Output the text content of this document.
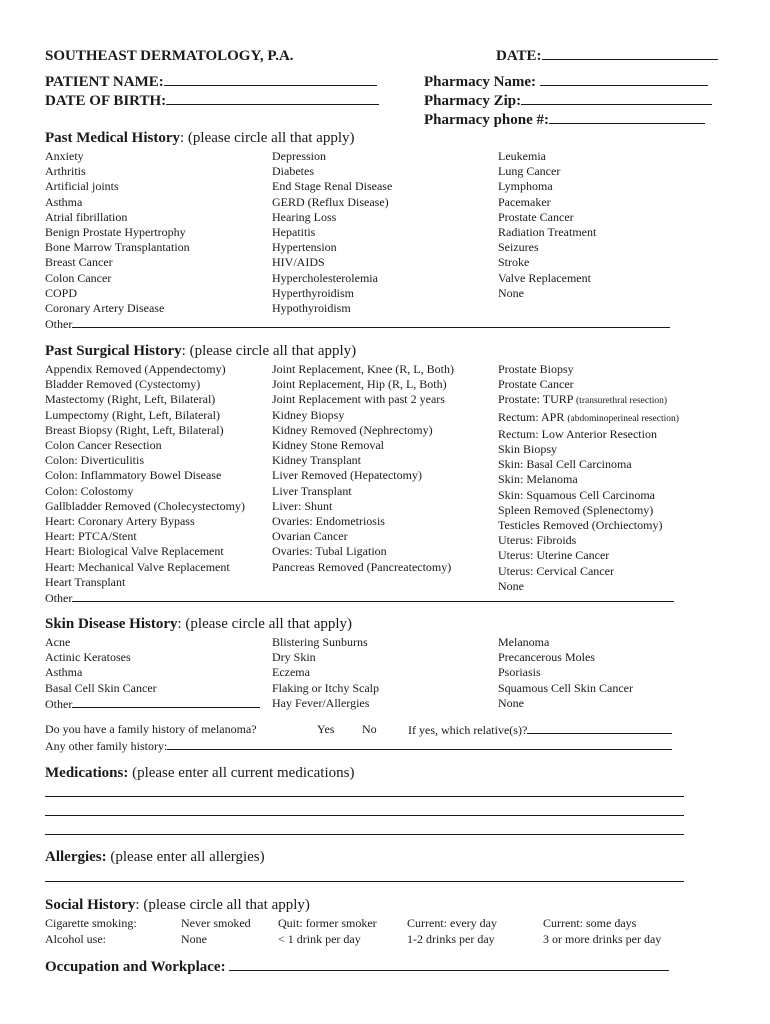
SOUTHEAST DERMATOLOGY, P.A.	DATE:
PATIENT NAME:
DATE OF BIRTH:
Pharmacy Name:
Pharmacy Zip:
Pharmacy phone #:
Past Medical History: (please circle all that apply)
Anxiety
Arthritis
Artificial joints
Asthma
Atrial fibrillation
Benign Prostate Hypertrophy
Bone Marrow Transplantation
Breast Cancer
Colon Cancer
COPD
Coronary Artery Disease
Depression
Diabetes
End Stage Renal Disease
GERD (Reflux Disease)
Hearing Loss
Hepatitis
Hypertension
HIV/AIDS
Hypercholesterolemia
Hyperthyroidism
Hypothyroidism
Leukemia
Lung Cancer
Lymphoma
Pacemaker
Prostate Cancer
Radiation Treatment
Seizures
Stroke
Valve Replacement
None
Other
Past Surgical History: (please circle all that apply)
Appendix Removed (Appendectomy)
Bladder Removed (Cystectomy)
Mastectomy (Right, Left, Bilateral)
Lumpectomy (Right, Left, Bilateral)
Breast Biopsy (Right, Left, Bilateral)
Colon Cancer Resection
Colon: Diverticulitis
Colon: Inflammatory Bowel Disease
Colon: Colostomy
Gallbladder Removed (Cholecystectomy)
Heart: Coronary Artery Bypass
Heart: PTCA/Stent
Heart: Biological Valve Replacement
Heart: Mechanical Valve Replacement
Heart Transplant
Joint Replacement, Knee (R, L, Both)
Joint Replacement, Hip (R, L, Both)
Joint Replacement with past 2 years
Kidney Biopsy
Kidney Removed (Nephrectomy)
Kidney Stone Removal
Kidney Transplant
Liver Removed (Hepatectomy)
Liver Transplant
Liver: Shunt
Ovaries: Endometriosis
Ovarian Cancer
Ovaries: Tubal Ligation
Pancreas Removed (Pancreatectomy)
Prostate Biopsy
Prostate Cancer
Prostate: TURP (transurethral resection)
Rectum: APR (abdominoperineal resection)
Rectum: Low Anterior Resection
Skin Biopsy
Skin: Basal Cell Carcinoma
Skin: Melanoma
Skin: Squamous Cell Carcinoma
Spleen Removed (Splenectomy)
Testicles Removed (Orchiectomy)
Uterus: Fibroids
Uterus: Uterine Cancer
Uterus: Cervical Cancer
None
Other
Skin Disease History: (please circle all that apply)
Acne
Actinic Keratoses
Asthma
Basal Cell Skin Cancer
Other
Blistering Sunburns
Dry Skin
Eczema
Flaking or Itchy Scalp
Hay Fever/Allergies
Melanoma
Precancerous Moles
Psoriasis
Squamous Cell Skin Cancer
None
Do you have a family history of melanoma?	Yes No	If yes, which relative(s)?
Any other family history:
Medications: (please enter all current medications)
Allergies: (please enter all allergies)
Social History: (please circle all that apply)
Cigarette smoking:	Never smoked Quit: former smoker	Current: every day	Current: some days
Alcohol use:	None	< 1 drink per day	1-2 drinks per day	3 or more drinks per day
Occupation and Workplace:
